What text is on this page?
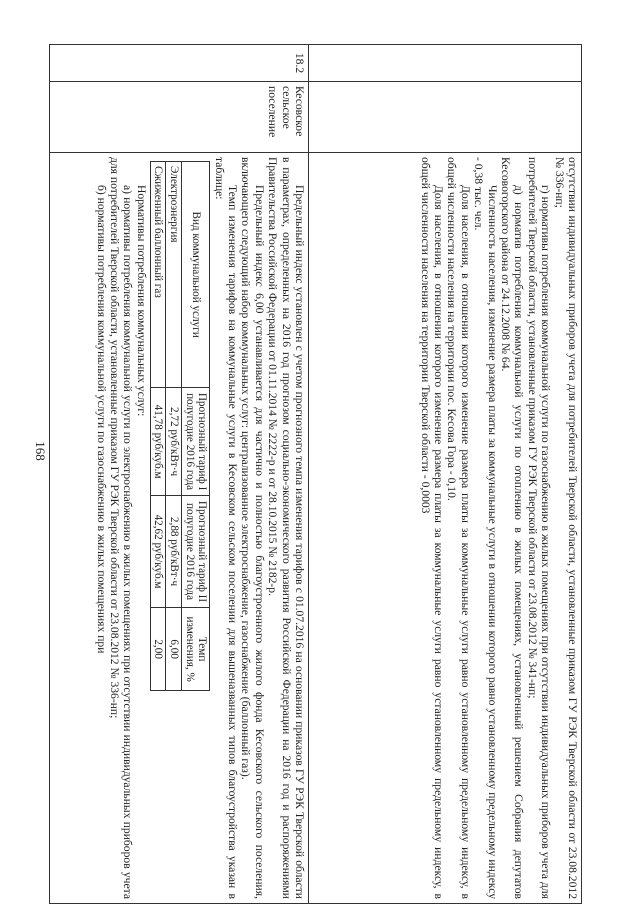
168
			отсутствии индивидуальных приборов учета для потребителей Тверской области, установленные приказом ГУ РЭК Тверской области от 23.08.2012 № 336-нп;

г) нормативы потребления коммунальной услуги по газоснабжению в жилых помещениях при отсутствии индивидуальных приборов учета для потребителей Тверской области, установленные приказом ГУ РЭК Тверской области от 23.08.2012 № 341-нп;

д) норматив потребления коммунальной услуги по отоплению в жилых помещениях, установленный решением Собрания депутатов Кесовогорского района от 24.12.2008 № 64.

Численность населения, изменение размера платы за коммунальные услуги в отношении которого равно установленному предельному индексу - 0,38 тыс. чел.

Доля населения, в отношении которого изменение размера платы за коммунальные услуги равно установленному предельному индексу, в общей численности населения на территории пос. Кесова Гора - 0,10.

Доля населения, в отношении которого изменение размера платы за коммунальные услуги равно установленному предельному индексу, в общей численности населения на территории Тверской области - 0,0003

18.2	Кесовское сельское поселение	

Предельный индекс установлен с учетом прогнозного темпа изменения тарифов с 01.07.2016 на основании приказов ГУ РЭК Тверской области в параметрах, определенных на 2016 год прогнозом социально-экономического развития Российской Федерации на 2016 год и распоряжениями Правительства Российской Федерации от 01.11.2014 № 2222-р и от 28.10.2015 № 2182-р.

Предельный индекс 6,00 устанавливается для частично и полностью благоустроенного жилого фонда Кесовского сельского поселения, включающего следующий набор коммунальных услуг: централизованное электроснабжение, газоснабжение (баллонный газ).

Темп изменения тарифов на коммунальные услуги в Кесовском сельском поселении для вышеназванных типов благоустройства указан в таблице:

Вид коммунальной услуги	Прогнозный тариф I полугодие 2016 года	Прогнозный тариф II полугодие 2016 года	Темп изменения, %
Электроэнергия	2,72 руб/кВт·ч	2,88 руб/кВт·ч	6,00
Сжиженный баллонный газ	41,78 руб/куб.м	42,62 руб/куб.м	2,00

Нормативы потребления коммунальных услуг:

а) нормативы потребления коммунальной услуги по электроснабжению в жилых помещениях при отсутствии индивидуальных приборов учета для потребителей Тверской области, установленные приказом ГУ РЭК Тверской области от 23.08.2012 № 336-нп;

б) нормативы потребления коммунальной услуги по газоснабжению в жилых помещениях при
